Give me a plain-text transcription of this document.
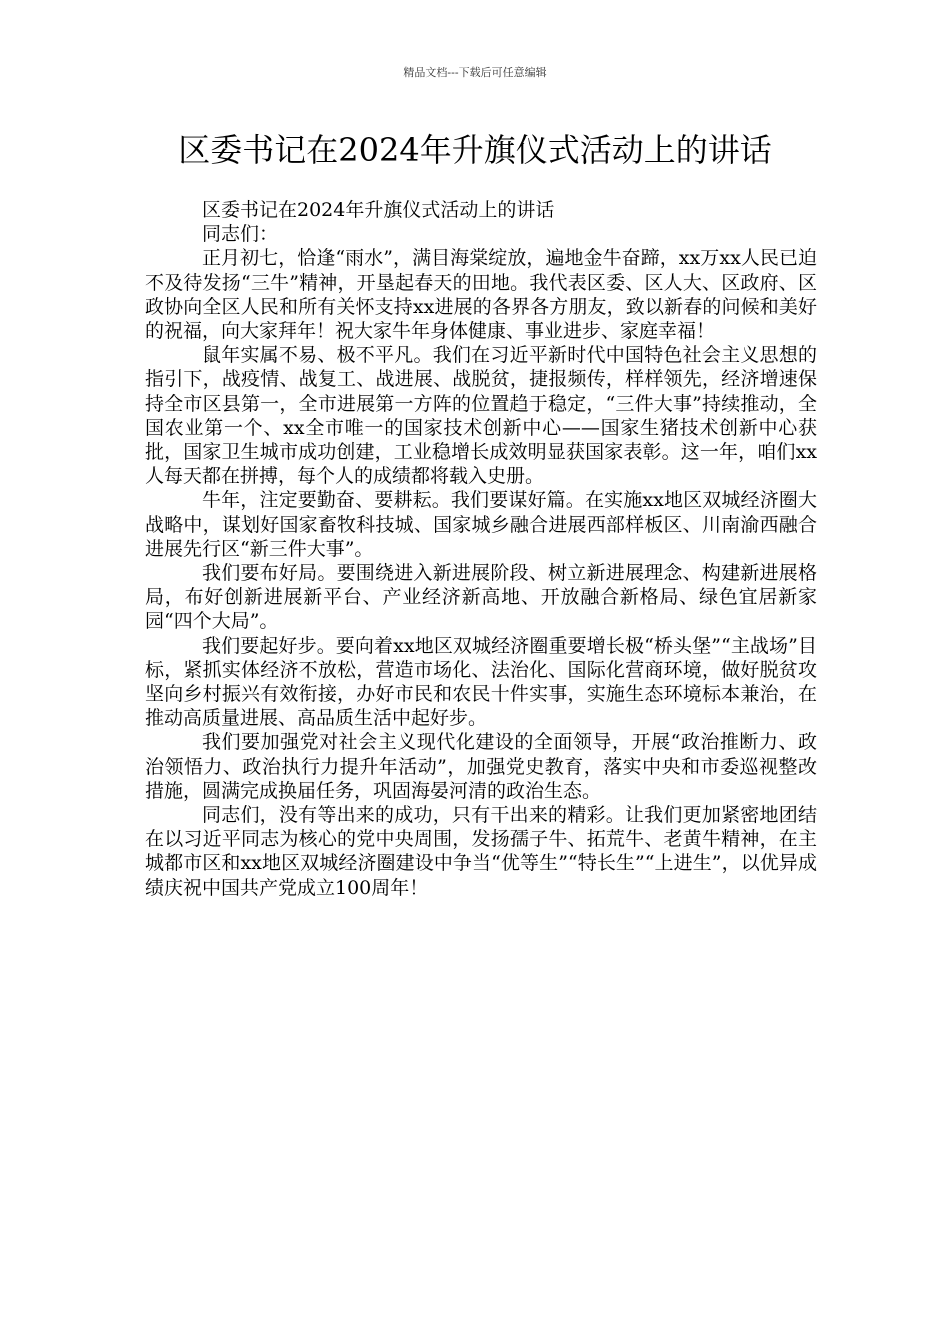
精品文档---下载后可任意编辑
区委书记在2024年升旗仪式活动上的讲话

区委书记在2024年升旗仪式活动上的讲话

同志们：

正月初七，恰逢“雨水”，满目海棠绽放，遍地金牛奋蹄，xx万xx人民已迫不及待发扬“三牛”精神，开垦起春天的田地。我代表区委、区人大、区政府、区政协向全区人民和所有关怀支持xx进展的各界各方朋友，致以新春的问候和美好的祝福，向大家拜年！祝大家牛年身体健康、事业进步、家庭幸福！

鼠年实属不易、极不平凡。我们在习近平新时代中国特色社会主义思想的指引下，战疫情、战复工、战进展、战脱贫，捷报频传，样样领先，经济增速保持全市区县第一，全市进展第一方阵的位置趋于稳定，“三件大事”持续推动，全国农业第一个、xx全市唯一的国家技术创新中心——国家生猪技术创新中心获批，国家卫生城市成功创建，工业稳增长成效明显获国家表彰。这一年，咱们xx人每天都在拼搏，每个人的成绩都将载入史册。

牛年，注定要勤奋、要耕耘。我们要谋好篇。在实施xx地区双城经济圈大战略中，谋划好国家畜牧科技城、国家城乡融合进展西部样板区、川南渝西融合进展先行区“新三件大事”。

我们要布好局。要围绕进入新进展阶段、树立新进展理念、构建新进展格局，布好创新进展新平台、产业经济新高地、开放融合新格局、绿色宜居新家园“四个大局”。

我们要起好步。要向着xx地区双城经济圈重要增长极“桥头堡”“主战场”目标，紧抓实体经济不放松，营造市场化、法治化、国际化营商环境，做好脱贫攻坚向乡村振兴有效衔接，办好市民和农民十件实事，实施生态环境标本兼治，在推动高质量进展、高品质生活中起好步。

我们要加强党对社会主义现代化建设的全面领导，开展“政治推断力、政治领悟力、政治执行力提升年活动”，加强党史教育，落实中央和市委巡视整改措施，圆满完成换届任务，巩固海晏河清的政治生态。

同志们，没有等出来的成功，只有干出来的精彩。让我们更加紧密地团结在以习近平同志为核心的党中央周围，发扬孺子牛、拓荒牛、老黄牛精神，在主城都市区和xx地区双城经济圈建设中争当“优等生”“特长生”“上进生”，以优异成绩庆祝中国共产党成立100周年！
